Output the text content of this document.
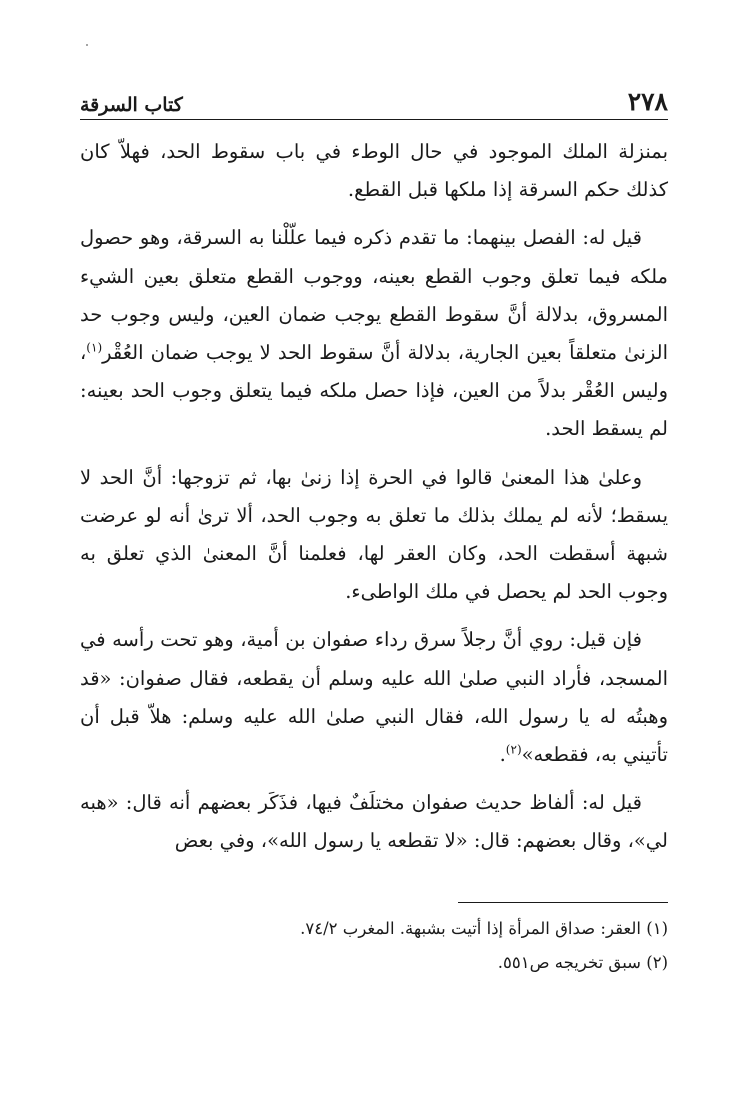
٢٧٨
كتاب السرقة

بمنزلة الملك الموجود في حال الوطء في باب سقوط الحد، فهلاّ كان كذلك حكم السرقة إذا ملكها قبل القطع.

قيل له: الفصل بينهما: ما تقدم ذكره فيما علّلْنا به السرقة، وهو حصول ملكه فيما تعلق وجوب القطع بعينه، ووجوب القطع متعلق بعين الشيء المسروق، بدلالة أنَّ سقوط القطع يوجب ضمان العين، وليس وجوب حد الزنىٰ متعلقاً بعين الجارية، بدلالة أنَّ سقوط الحد لا يوجب ضمان العُقْر$^{(١)}$، وليس العُقْر بدلاً من العين، فإذا حصل ملكه فيما يتعلق وجوب الحد بعينه: لم يسقط الحد.

وعلىٰ هذا المعنىٰ قالوا في الحرة إذا زنىٰ بها، ثم تزوجها: أنَّ الحد لا يسقط؛ لأنه لم يملك بذلك ما تعلق به وجوب الحد، ألا ترىٰ أنه لو عرضت شبهة أسقطت الحد، وكان العقر لها، فعلمنا أنَّ المعنىٰ الذي تعلق به وجوب الحد لم يحصل في ملك الواطىء.

فإن قيل: روي أنَّ رجلاً سرق رداء صفوان بن أمية، وهو تحت رأسه في المسجد، فأراد النبي صلىٰ الله عليه وسلم أن يقطعه، فقال صفوان: «قد وهبتُه له يا رسول الله، فقال النبي صلىٰ الله عليه وسلم: هلاّ قبل أن تأتيني به، فقطعه»$^{(٢)}$.

قيل له: ألفاظ حديث صفوان مختلَفٌ فيها، فذَكَر بعضهم أنه قال: «هبه لي»، وقال بعضهم: قال: «لا تقطعه يا رسول الله»، وفي بعض

(١) العقر: صداق المرأة إذا أتيت بشبهة. المغرب ٧٤/٢.

(٢) سبق تخريجه ص٥٥١.
